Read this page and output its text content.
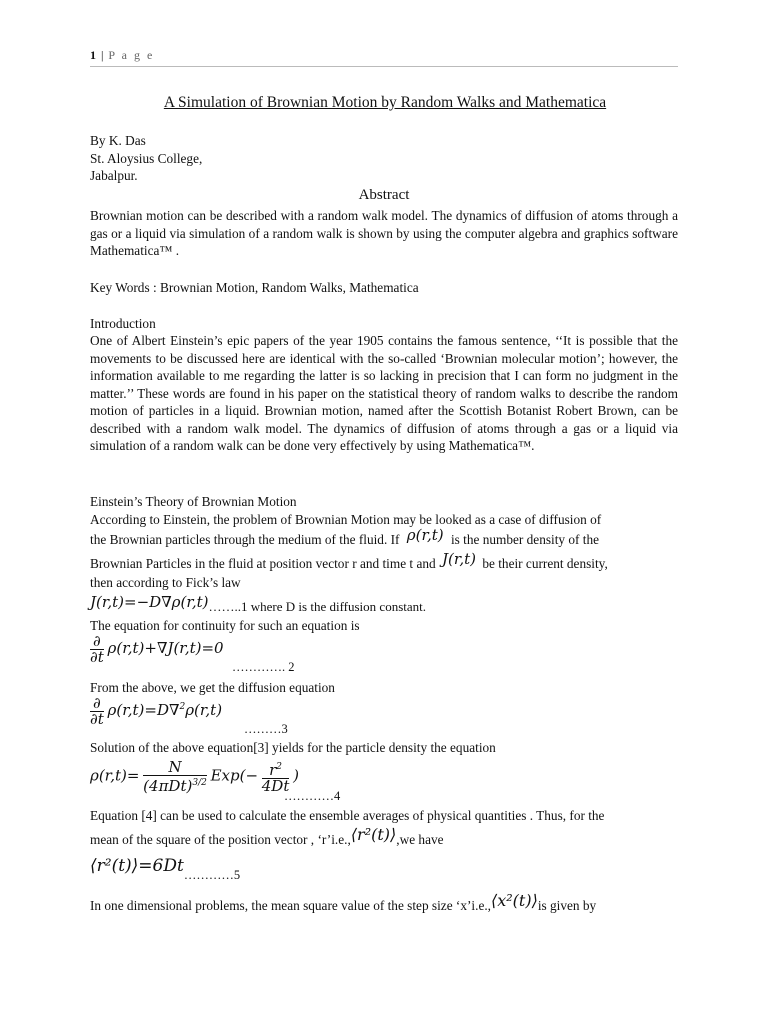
1 | P a g e
A Simulation of Brownian Motion by Random Walks and Mathematica
By K. Das
St. Aloysius College,
Jabalpur.
Abstract
Brownian motion can be described with a random walk model. The dynamics of diffusion of atoms through a gas or a liquid via simulation of a random walk is shown by using the computer algebra and graphics software Mathematica™ .
Key Words : Brownian Motion, Random Walks, Mathematica
Introduction
One of Albert Einstein’s epic papers of the year 1905 contains the famous sentence, ‘‘It is possible that the movements to be discussed here are identical with the so-called ‘Brownian molecular motion’; however, the information available to me regarding the latter is so lacking in precision that I can form no judgment in the matter.’’ These words are found in his paper on the statistical theory of random walks to describe the random motion of particles in a liquid. Brownian motion, named after the Scottish Botanist Robert Brown, can be described with a random walk model. The dynamics of diffusion of atoms through a gas or a liquid via simulation of a random walk can be done very effectively by using Mathematica™.
Einstein’s Theory of Brownian Motion
According to Einstein, the problem of Brownian Motion may be looked as a case of diffusion of
the Brownian particles through the medium of the fluid. If ρ(r,t) is the number density of the
Brownian Particles in the fluid at position vector r and time t and J(r,t) be their current density,
then according to Fick’s law
J(r,t)=−D∇ρ(r,t)……..1 where D is the diffusion constant.
The equation for continuity for such an equation is
$\frac{\partial}{\partial t} \rho(r,t)+\nabla J(r,t)=0$
…………. 2
From the above, we get the diffusion equation
$\frac{\partial}{\partial t} \rho(r,t)=D\nabla^2\rho(r,t)$
………3
Solution of the above equation[3] yields for the particle density the equation
$\rho(r,t)= \frac{N}{(4\pi Dt)^{3/2}} Exp(- \frac{r^2}{4Dt}$ )
…………4
Equation [4] can be used to calculate the ensemble averages of physical quantities . Thus, for the
mean of the square of the position vector , ‘r’i.e.,⟨r²(t)⟩,we have
$⟨r^2(t)⟩=6Dt_{\dots\dots\dots\dots 5}$
In one dimensional problems, the mean square value of the step size ‘x’i.e.,⟨x²(t)⟩is given by
